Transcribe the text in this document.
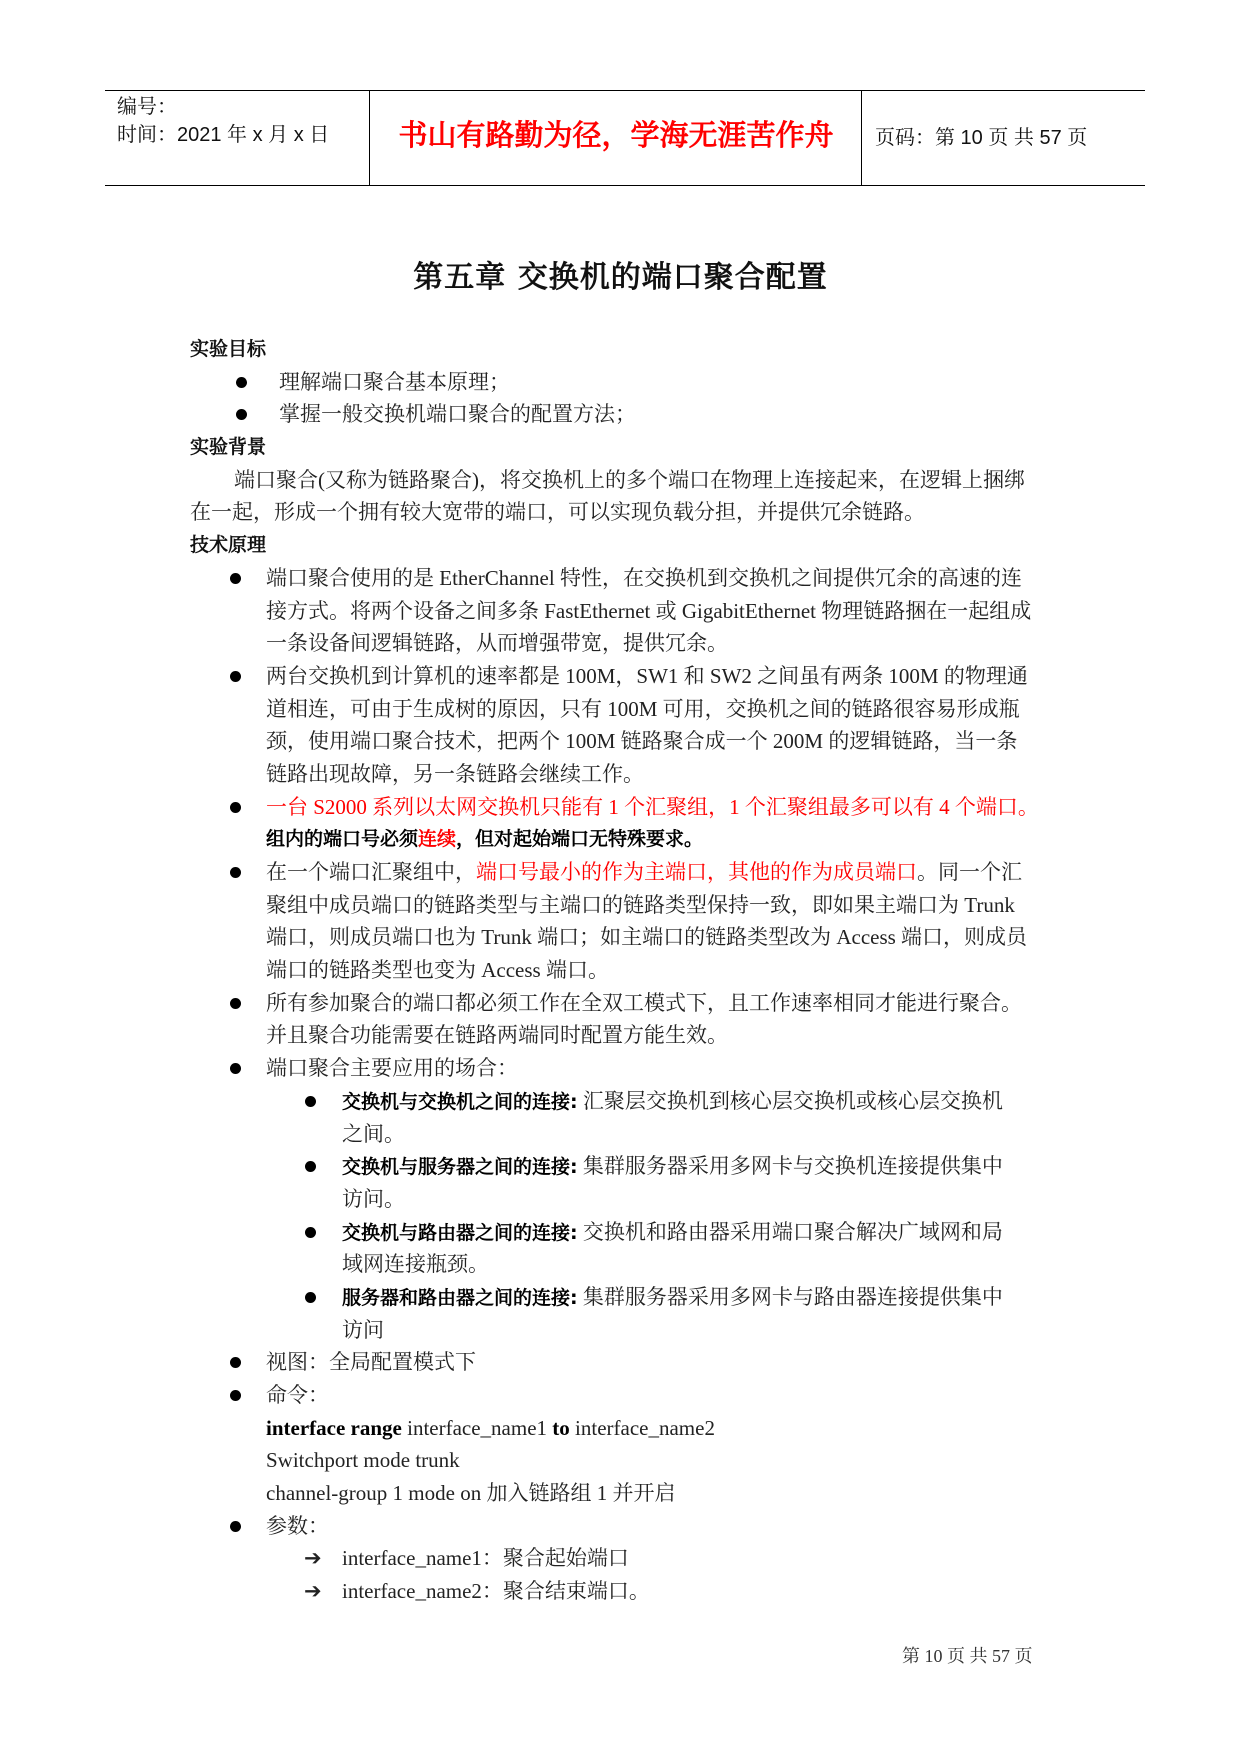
编号：
时间：2021 年 x 月 x 日	书山有路勤为径，学海无涯苦作舟	页码：第 10 页 共 57 页
第五章 交换机的端口聚合配置
实验目标
理解端口聚合基本原理；
掌握一般交换机端口聚合的配置方法；
实验背景
端口聚合(又称为链路聚合)，将交换机上的多个端口在物理上连接起来，在逻辑上捆绑
在一起，形成一个拥有较大宽带的端口，可以实现负载分担，并提供冗余链路。
技术原理
端口聚合使用的是 EtherChannel 特性，在交换机到交换机之间提供冗余的高速的连
接方式。将两个设备之间多条 FastEthernet 或 GigabitEthernet 物理链路捆在一起组成
一条设备间逻辑链路，从而增强带宽，提供冗余。
两台交换机到计算机的速率都是 100M，SW1 和 SW2 之间虽有两条 100M 的物理通
道相连，可由于生成树的原因，只有 100M 可用，交换机之间的链路很容易形成瓶
颈，使用端口聚合技术，把两个 100M 链路聚合成一个 200M 的逻辑链路，当一条
链路出现故障，另一条链路会继续工作。
一台 S2000 系列以太网交换机只能有 1 个汇聚组，1 个汇聚组最多可以有 4 个端口。
组内的端口号必须连续，但对起始端口无特殊要求。
在一个端口汇聚组中，端口号最小的作为主端口，其他的作为成员端口。同一个汇
聚组中成员端口的链路类型与主端口的链路类型保持一致，即如果主端口为 Trunk
端口，则成员端口也为 Trunk 端口；如主端口的链路类型改为 Access 端口，则成员
端口的链路类型也变为 Access 端口。
所有参加聚合的端口都必须工作在全双工模式下，且工作速率相同才能进行聚合。
并且聚合功能需要在链路两端同时配置方能生效。
端口聚合主要应用的场合：
交换机与交换机之间的连接: 汇聚层交换机到核心层交换机或核心层交换机
之间。
交换机与服务器之间的连接: 集群服务器采用多网卡与交换机连接提供集中
访问。
交换机与路由器之间的连接: 交换机和路由器采用端口聚合解决广域网和局
域网连接瓶颈。
服务器和路由器之间的连接: 集群服务器采用多网卡与路由器连接提供集中
访问
视图：全局配置模式下
命令：
interface range interface_name1 to interface_name2
Switchport mode trunk
channel-group 1 mode on 加入链路组 1 并开启
参数：
➔ interface_name1：聚合起始端口
➔ interface_name2：聚合结束端口。
第 10 页 共 57 页
